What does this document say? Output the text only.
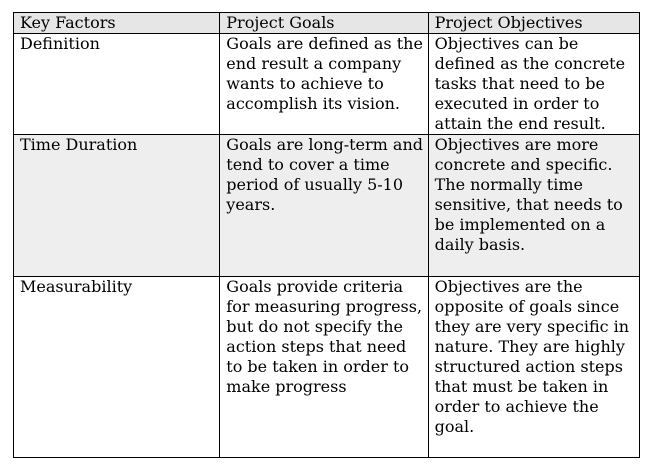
Key Factors	Project Goals	Project Objectives
Definition	Goals are defined as the end result a company wants to achieve to accomplish its vision.	Objectives can be defined as the concrete tasks that need to be executed in order to attain the end result.
Time Duration	Goals are long-term and tend to cover a time period of usually 5-10 years.	Objectives are more concrete and specific. The normally time sensitive, that needs to be implemented on a daily basis.
Measurability	Goals provide criteria for measuring progress, but do not specify the action steps that need to be taken in order to make progress	Objectives are the opposite of goals since they are very specific in nature. They are highly structured action steps that must be taken in order to achieve the goal.
